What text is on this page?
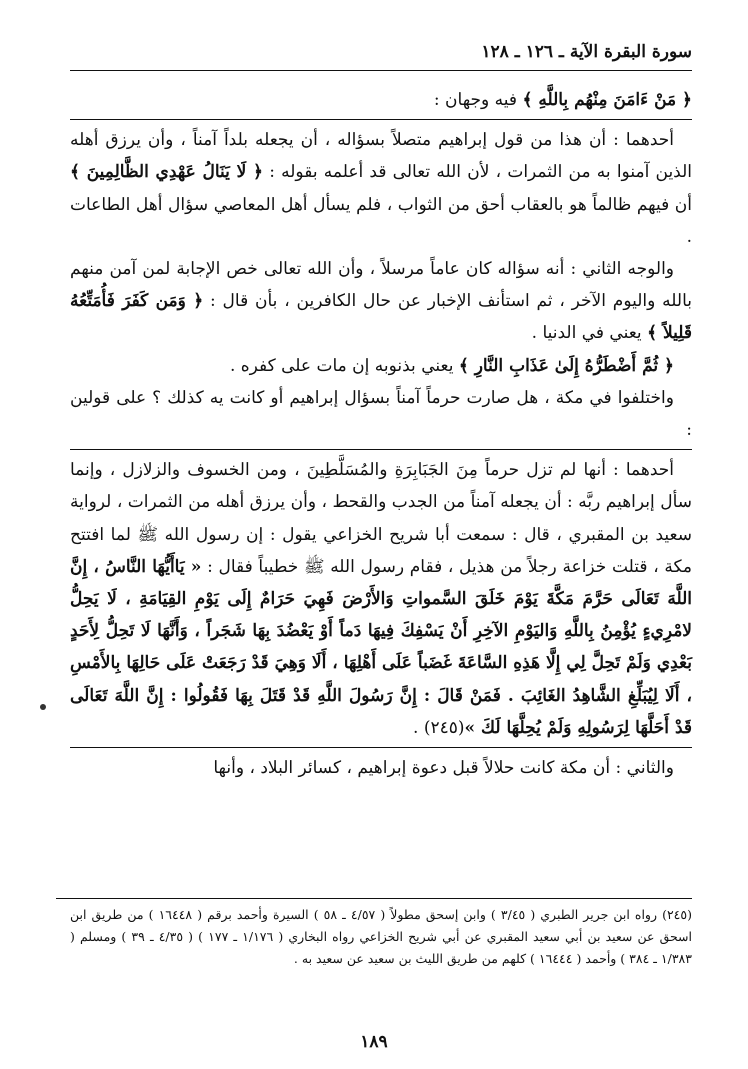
سورة البقرة الآية ـ ١٢٦ ـ ١٢٨

﴿ مَنْ ءَامَنَ مِنْهُم بِاللَّهِ ﴾ فيه وجهان :

أحدهما : أن هذا من قول إبراهيم متصلاً بسؤاله ، أن يجعله بلداً آمناً ، وأن يرزق أهله الذين آمنوا به من الثمرات ، لأن الله تعالى قد أعلمه بقوله : ﴿ لَا يَنَالُ عَهْدِي الظَّالِمِينَ ﴾ أن فيهم ظالماً هو بالعقاب أحق من الثواب ، فلم يسأل أهل المعاصي سؤال أهل الطاعات .

والوجه الثاني : أنه سؤاله كان عاماً مرسلاً ، وأن الله تعالى خص الإجابة لمن آمن منهم بالله واليوم الآخر ، ثم استأنف الإخبار عن حال الكافرين ، بأن قال : ﴿ وَمَن كَفَرَ فَأُمَتِّعُهُ قَلِيلاً ﴾ يعني في الدنيا .

﴿ ثُمَّ أَضْطَرُّهُ إِلَىٰ عَذَابِ النَّارِ ﴾ يعني بذنوبه إن مات على كفره .

واختلفوا في مكة ، هل صارت حرماً آمناً بسؤال إبراهيم أو كانت يه كذلك ؟ على قولين :

أحدهما : أنها لم تزل حرماً مِنَ الجَبَابِرَةِ والمُسَلَّطِينَ ، ومن الخسوف والزلازل ، وإنما سأل إبراهيم ربَّه : أن يجعله آمناً من الجدب والقحط ، وأن يرزق أهله من الثمرات ، لرواية سعيد بن المقبري ، قال : سمعت أبا شريح الخزاعي يقول : إن رسول الله ﷺ لما افتتح مكة ، قتلت خزاعة رجلاً من هذيل ، فقام رسول الله ﷺ خطيباً فقال : « يَاأَيُّهَا النَّاسُ ، إِنَّ اللَّهَ تَعَالَى حَرَّمَ مَكَّةَ يَوْمَ خَلَقَ السَّمواتِ وَالأَرْضَ فَهِيَ حَرَامٌ إِلَى يَوْمِ القِيَامَةِ ، لَا يَحِلُّ لامْرِيءٍ يُؤْمِنُ بِاللَّهِ وَاليَوْمِ الآخِرِ أَنْ يَسْفِكَ فِيهَا دَماً أَوْ يَعْضُدَ بِهَا شَجَراً ، وَأَنَّهَا لَا تَحِلُّ لِأَحَدٍ بَعْدِي وَلَمْ تَحِلَّ لِي إِلَّا هَذِهِ السَّاعَةَ غَضَباً عَلَى أَهْلِهَا ، أَلَا وَهِيَ قَدْ رَجَعَتْ عَلَى حَالِهَا بِالأَمْسِ ، أَلَا لِيُبَلِّغِ الشَّاهِدُ الغَائِبَ . فَمَنْ قَالَ : إِنَّ رَسُولَ اللَّهِ قَدْ قَتَلَ بِهَا فَقُولُوا : إِنَّ اللَّهَ تَعَالَى قَدْ أَحَلَّهَا لِرَسُولِهِ وَلَمْ يُحِلَّهَا لَكَ »(٢٤٥) .

والثاني : أن مكة كانت حلالاً قبل دعوة إبراهيم ، كسائر البلاد ، وأنها

(٢٤٥) رواه ابن جرير الطبري ( ٣/٤٥ ) وابن إسحق مطولاً ( ٤/٥٧ ـ ٥٨ ) السيرة وأحمد برقم ( ١٦٤٤٨ ) من طريق ابن اسحق عن سعيد بن أبي سعيد المقبري عن أبي شريح الخزاعي رواه البخاري ( ١/١٧٦ ـ ١٧٧ ) ( ٤/٣٥ ـ ٣٩ ) ومسلم ( ١/٣٨٣ ـ ٣٨٤ ) وأحمد ( ١٦٤٤٤ ) كلهم من طريق الليث بن سعيد عن سعيد به .

١٨٩
